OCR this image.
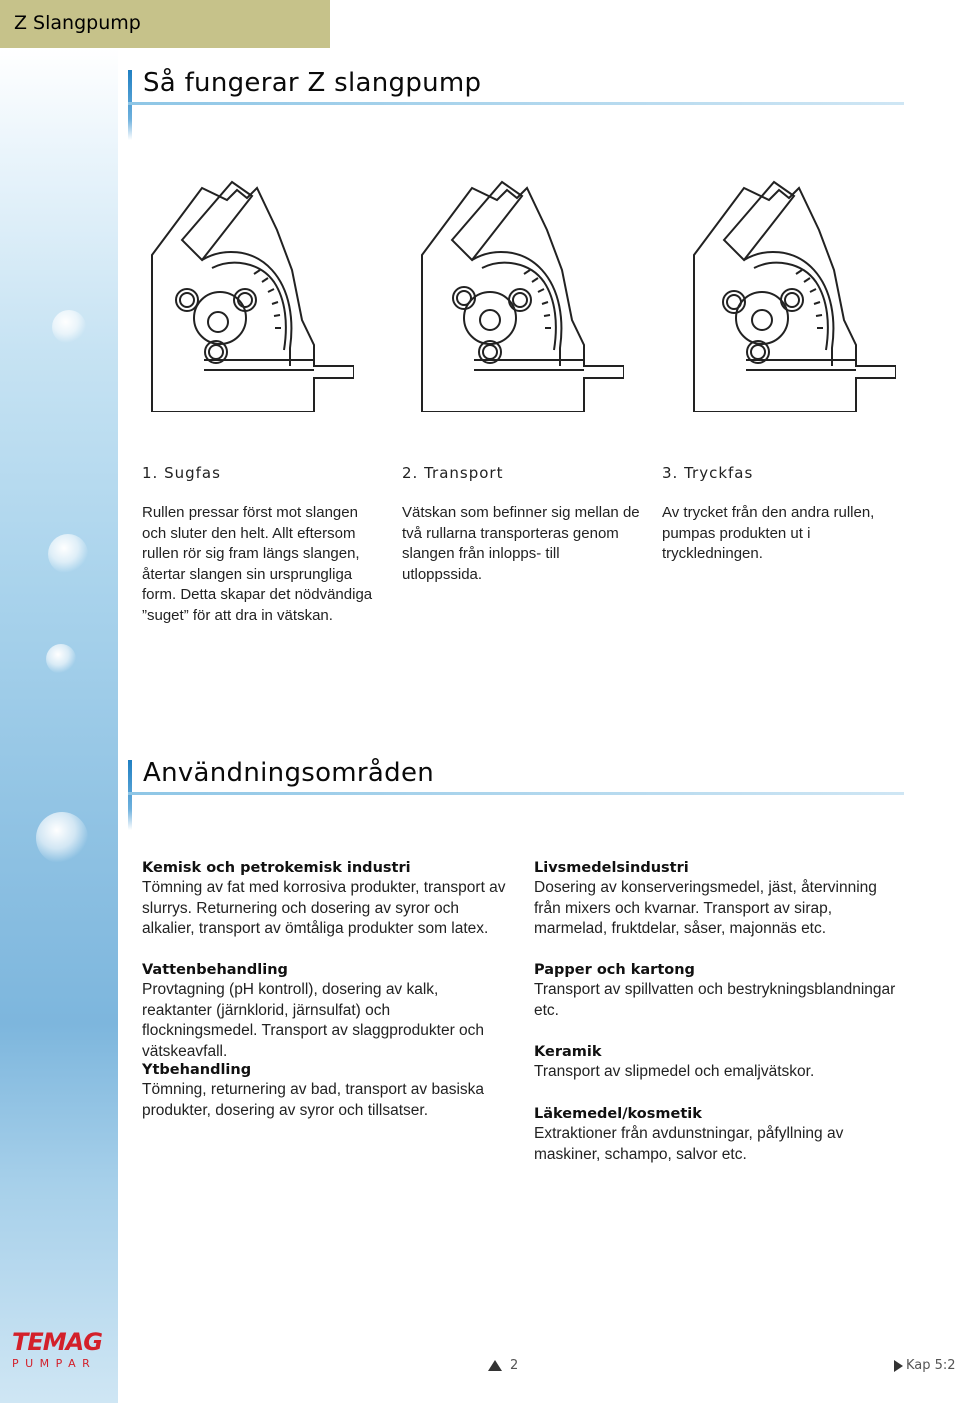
Z Slangpump
Så fungerar Z slangpump
1. Sugfas
Rullen pressar först mot slangen och sluter den helt. Allt eftersom rullen rör sig fram längs slangen, återtar slangen sin ursprungliga form. Detta skapar det nödvändiga ”suget” för att dra in vätskan.
2. Transport
Vätskan som befinner sig mellan de två rullarna transporteras genom slangen från inlopps- till utloppssida.
3. Tryckfas
Av trycket från den andra rullen, pumpas produkten ut i tryckledningen.
Användningsområden

Kemisk och petrokemisk industri

Tömning av fat med korrosiva produkter, transport av slurrys. Returnering och dosering av syror och alkalier, transport av ömtåliga produkter som latex.

Vattenbehandling

Provtagning (pH kontroll), dosering av kalk, reaktanter (järnklorid, järnsulfat) och flockningsmedel. Transport av slaggprodukter och vätskeavfall.

Ytbehandling

Tömning, returnering av bad, transport av basiska produkter, dosering av syror och tillsatser.

Livsmedelsindustri

Dosering av konserveringsmedel, jäst, återvinning från mixers och kvarnar. Transport av sirap, marmelad, fruktdelar, såser, majonnäs etc.

Papper och kartong

Transport av spillvatten och bestrykningsblandningar etc.

Keramik

Transport av slipmedel och emaljvätskor.

Läkemedel/kosmetik

Extraktioner från avdunstningar, påfyllning av maskiner, schampo, salvor etc.

TEMAG
PUMPAR	2	Kap 5:2
